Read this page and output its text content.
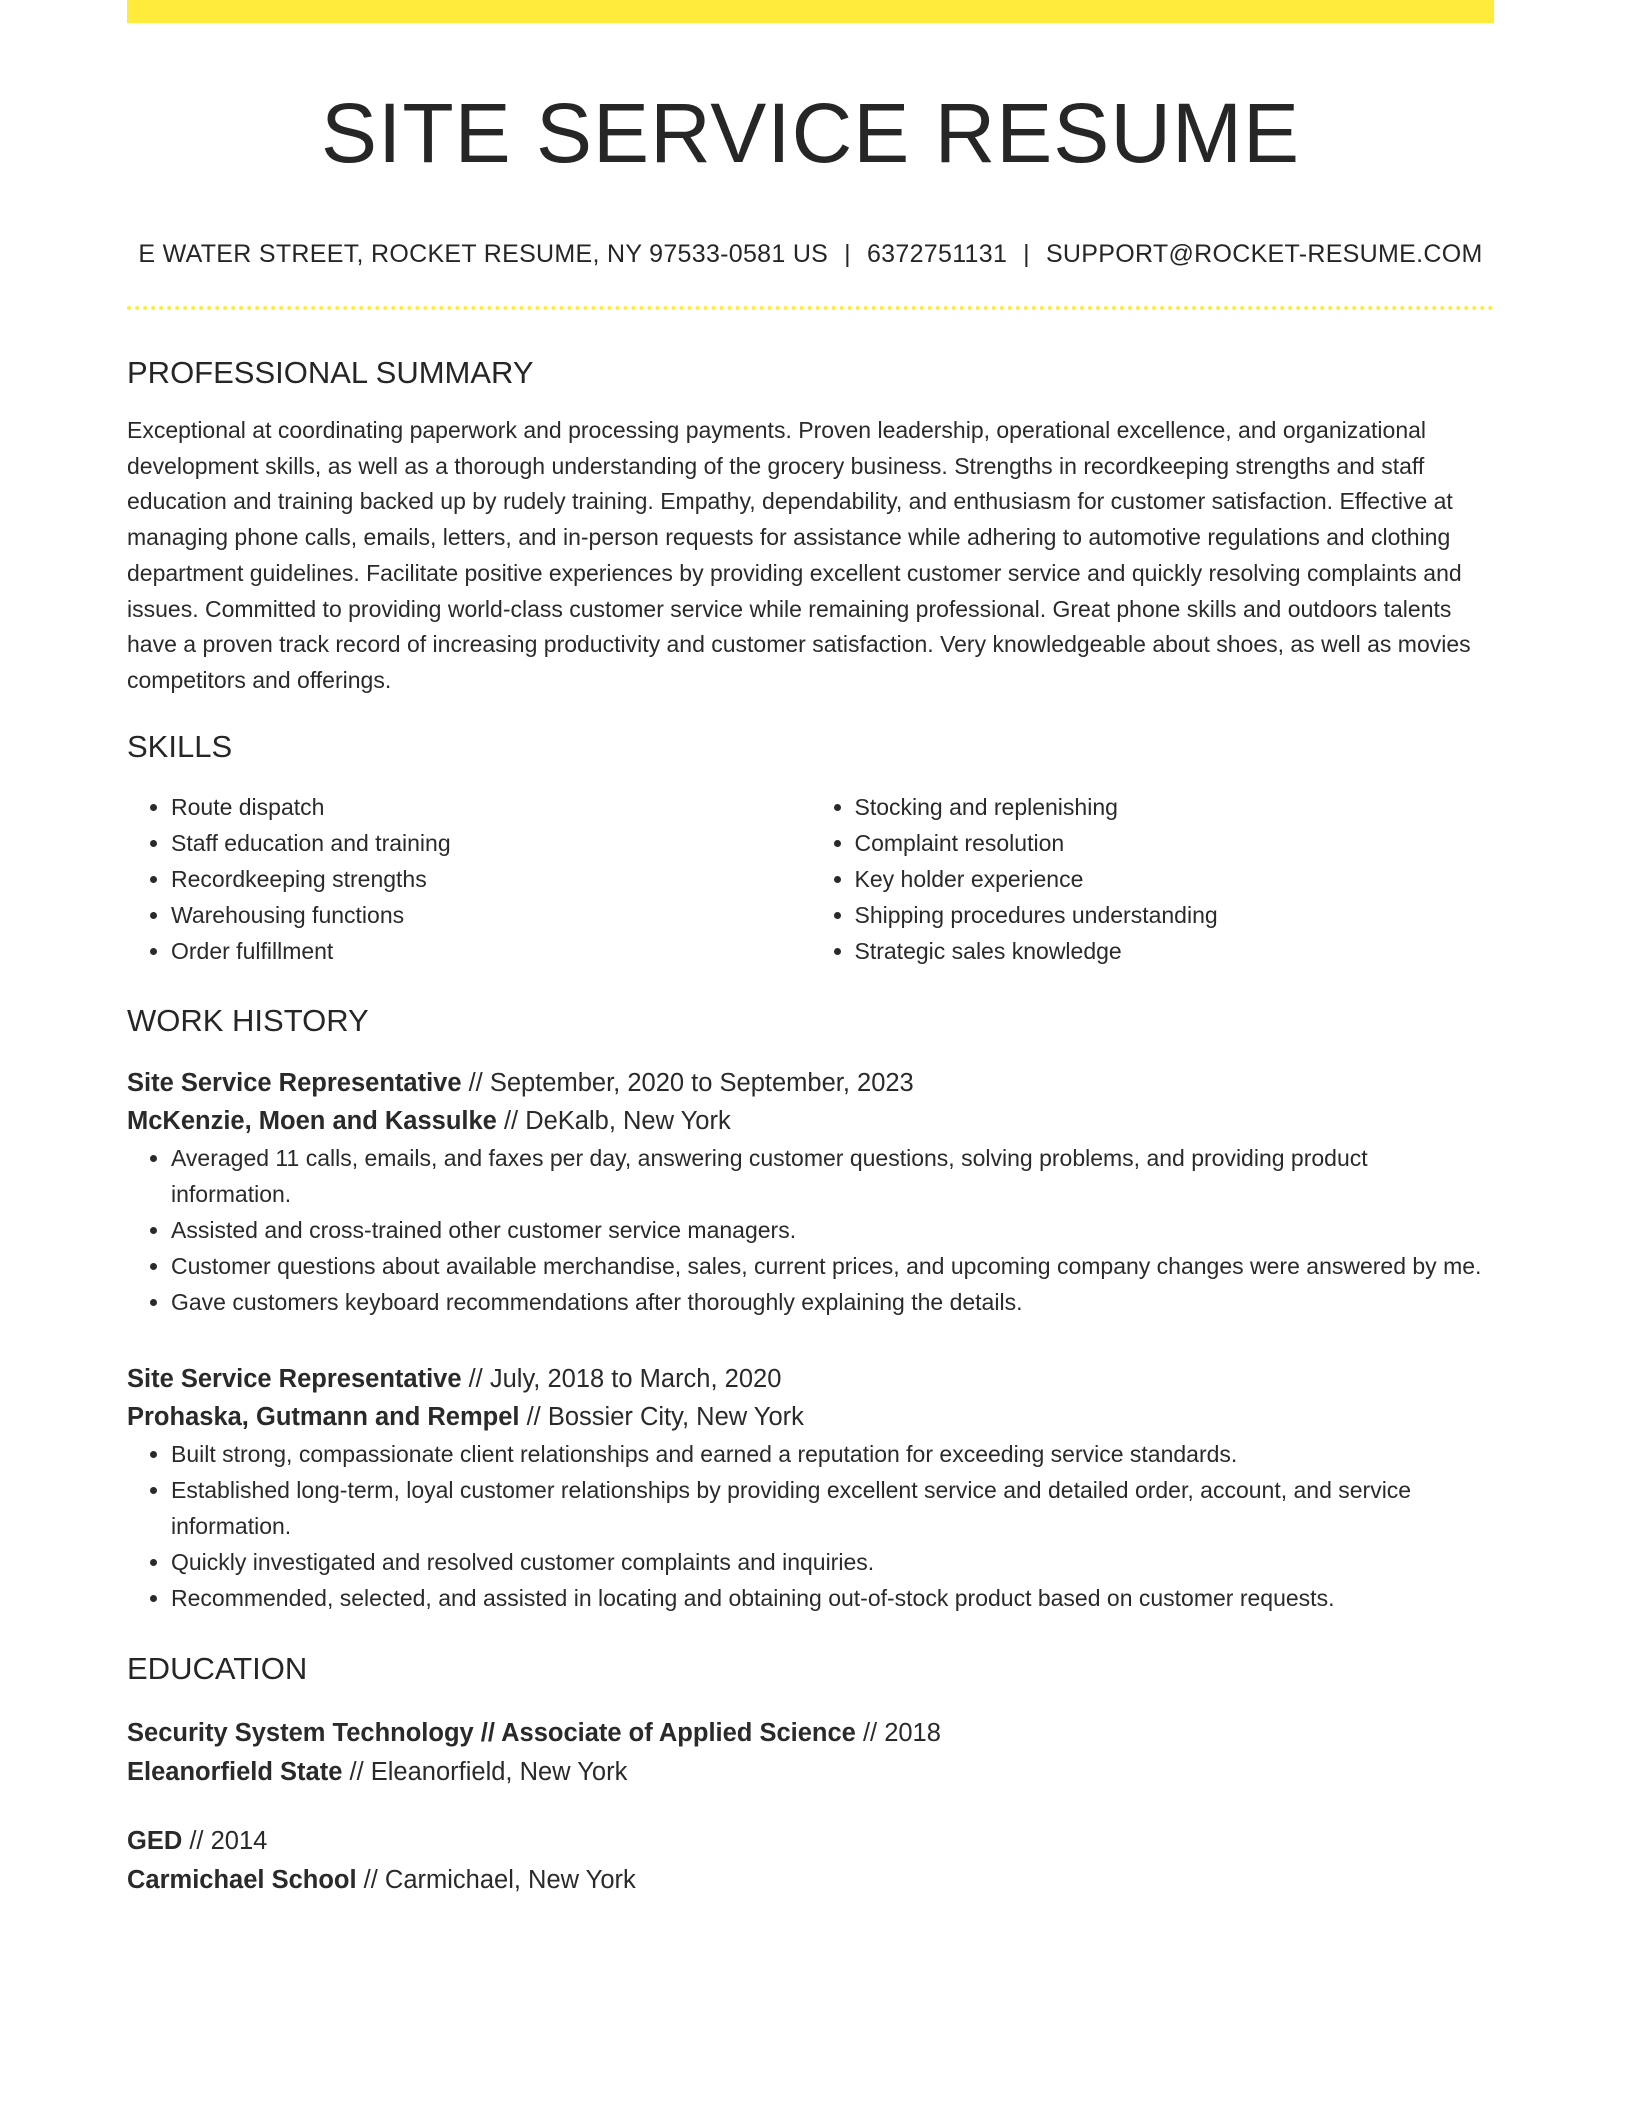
SITE SERVICE RESUME
E WATER STREET, ROCKET RESUME, NY 97533-0581 US | 6372751131 | SUPPORT@ROCKET-RESUME.COM
PROFESSIONAL SUMMARY

Exceptional at coordinating paperwork and processing payments. Proven leadership, operational excellence, and organizational development skills, as well as a thorough understanding of the grocery business. Strengths in recordkeeping strengths and staff education and training backed up by rudely training. Empathy, dependability, and enthusiasm for customer satisfaction. Effective at managing phone calls, emails, letters, and in-person requests for assistance while adhering to automotive regulations and clothing department guidelines. Facilitate positive experiences by providing excellent customer service and quickly resolving complaints and issues. Committed to providing world-class customer service while remaining professional. Great phone skills and outdoors talents have a proven track record of increasing productivity and customer satisfaction. Very knowledgeable about shoes, as well as movies competitors and offerings.

SKILLS
• Route dispatch
• Staff education and training
• Recordkeeping strengths
• Warehousing functions
• Order fulfillment
• Stocking and replenishing
• Complaint resolution
• Key holder experience
• Shipping procedures understanding
• Strategic sales knowledge
WORK HISTORY
Site Service Representative // September, 2020 to September, 2023
McKenzie, Moen and Kassulke // DeKalb, New York
• Averaged 11 calls, emails, and faxes per day, answering customer questions, solving problems, and providing product information.
• Assisted and cross-trained other customer service managers.
• Customer questions about available merchandise, sales, current prices, and upcoming company changes were answered by me.
• Gave customers keyboard recommendations after thoroughly explaining the details.
Site Service Representative // July, 2018 to March, 2020
Prohaska, Gutmann and Rempel // Bossier City, New York
• Built strong, compassionate client relationships and earned a reputation for exceeding service standards.
• Established long-term, loyal customer relationships by providing excellent service and detailed order, account, and service information.
• Quickly investigated and resolved customer complaints and inquiries.
• Recommended, selected, and assisted in locating and obtaining out-of-stock product based on customer requests.
EDUCATION
Security System Technology // Associate of Applied Science // 2018
Eleanorfield State // Eleanorfield, New York
GED // 2014
Carmichael School // Carmichael, New York
